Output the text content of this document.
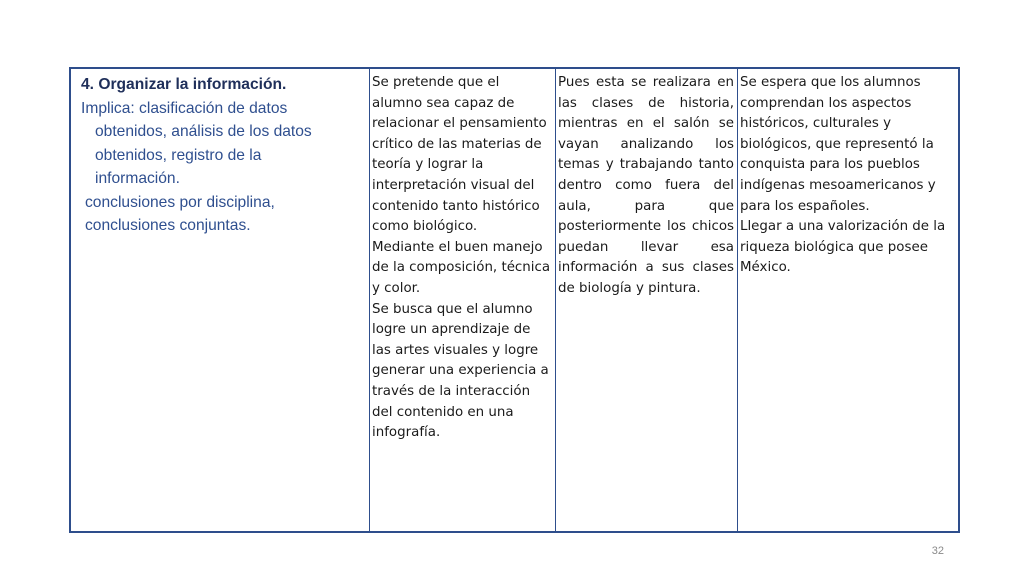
4. Organizar la información.

Implica: clasificación de datos

obtenidos, análisis de los datos

obtenidos, registro de la

información.

conclusiones por disciplina,

conclusiones conjuntas.

Se pretende que el alumno sea capaz de relacionar el pensamiento crítico de las materias de teoría y lograr la interpretación visual del contenido tanto histórico como biológico.
Mediante el buen manejo de la composición, técnica y color.
Se busca que el alumno logre un aprendizaje de las artes visuales y logre generar una experiencia a través de la interacción del contenido en una infografía.

Pues esta se realizara en las clases de historia, mientras en el salón se vayan analizando los temas y trabajando tanto dentro como fuera del aula, para que posteriormente los chicos puedan llevar esa información a sus clases de biología y pintura.

Se espera que los alumnos comprendan los aspectos históricos, culturales y biológicos, que representó la conquista para los pueblos indígenas mesoamericanos y para los españoles.
Llegar a una valorización de la riqueza biológica que posee México.

32
